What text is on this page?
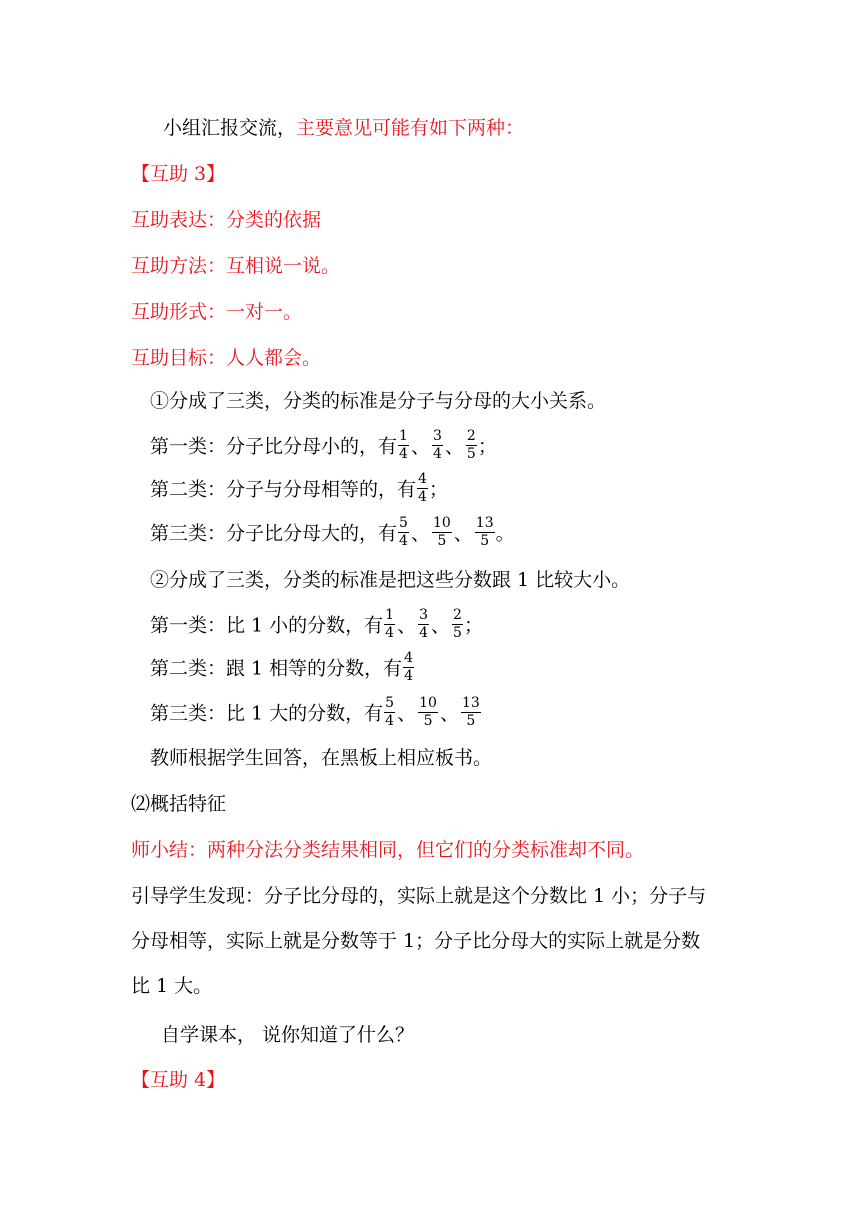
小组汇报交流，主要意见可能有如下两种：
【互助 3】
互助表达：分类的依据
互助方法：互相说一说。
互助形式：一对一。
互助目标：人人都会。
①分成了三类，分类的标准是分子与分母的大小关系。
第一类：分子比分母小的，有 $\frac{1}{4}$ 、 $\frac{3}{4}$ 、 $\frac{2}{5}$ ；
第二类：分子与分母相等的，有 $\frac{4}{4}$ ；
第三类：分子比分母大的，有 $\frac{5}{4}$ 、 $\frac{10}{5}$ 、 $\frac{13}{5}$ 。
②分成了三类，分类的标准是把这些分数跟 1 比较大小。
第一类：比 1 小的分数，有 $\frac{1}{4}$ 、 $\frac{3}{4}$ 、 $\frac{2}{5}$ ；
第二类：跟 1 相等的分数，有 $\frac{4}{4}$
第三类：比 1 大的分数，有 $\frac{5}{4}$ 、 $\frac{10}{5}$ 、 $\frac{13}{5}$
教师根据学生回答，在黑板上相应板书。
⑵概括特征
师小结：两种分法分类结果相同，但它们的分类标准却不同。
引导学生发现：分子比分母的，实际上就是这个分数比 1 小；分子与
分母相等，实际上就是分数等于 1；分子比分母大的实际上就是分数
比 1 大。
自学课本， 说你知道了什么？
【互助 4】
